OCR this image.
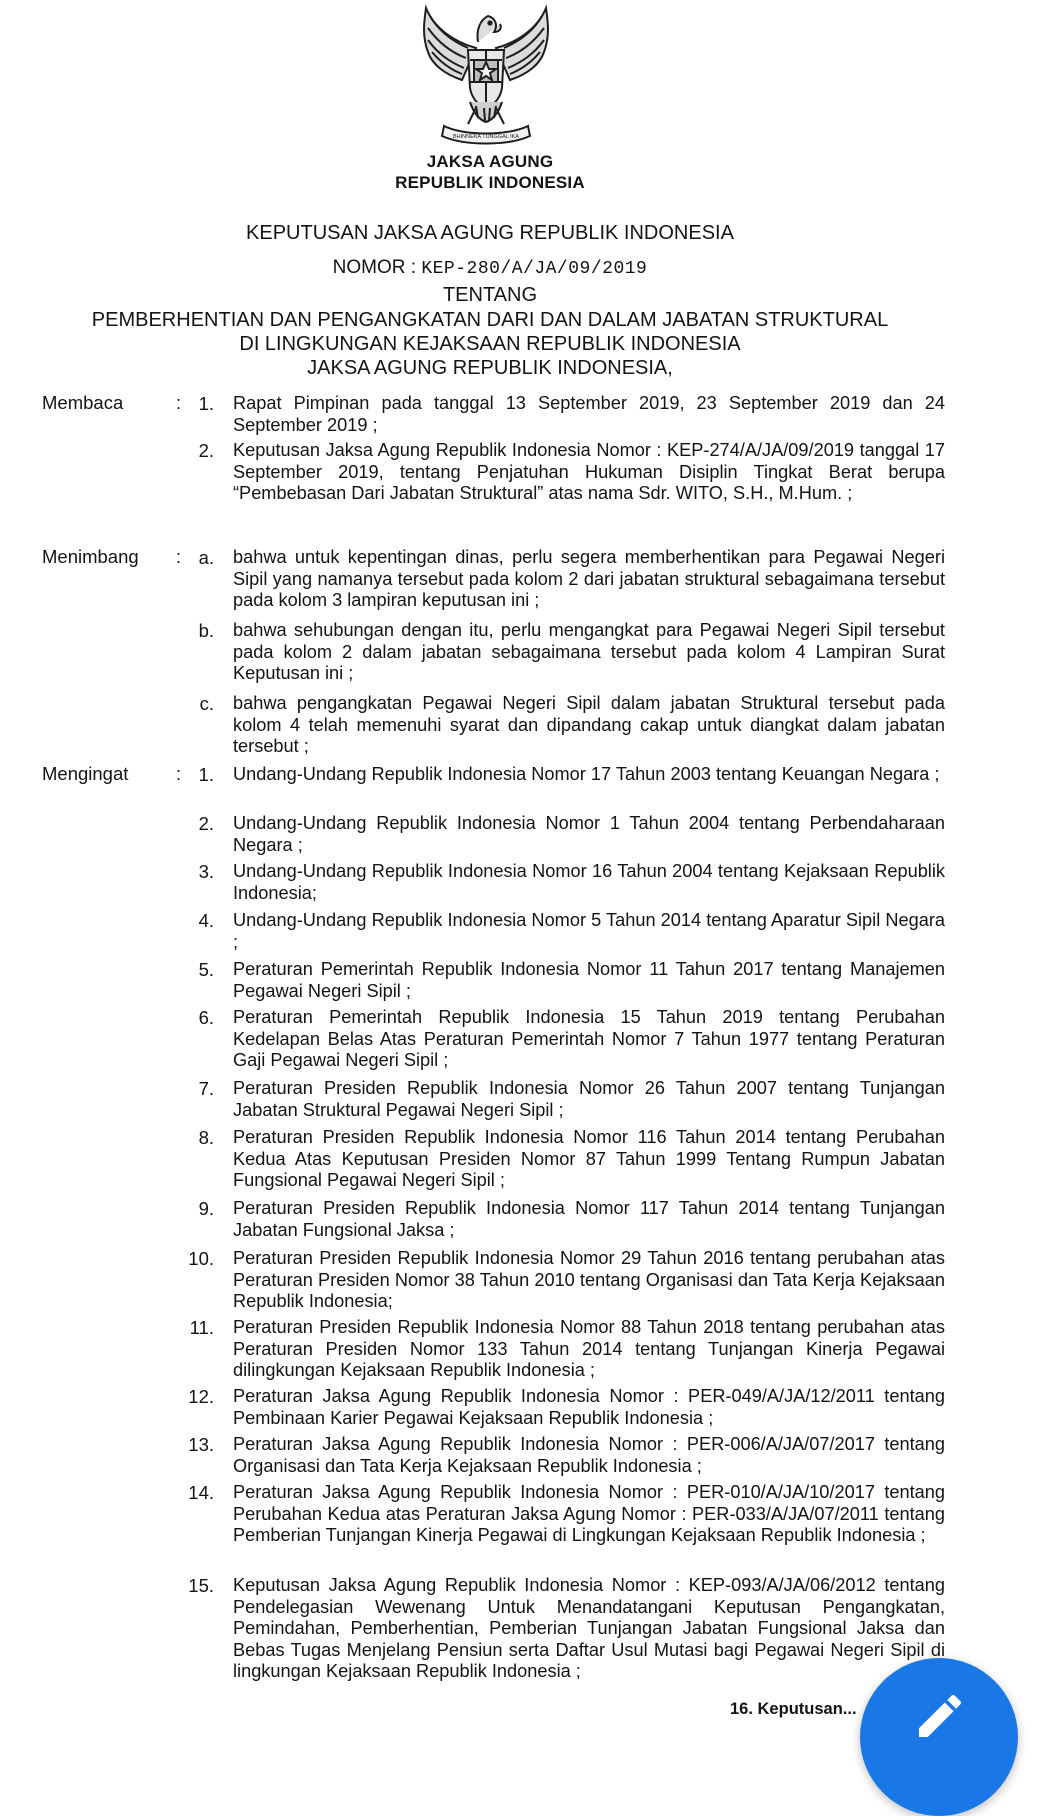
BHINNEKA TUNGGAL IKA
JAKSA AGUNG
REPUBLIK INDONESIA
KEPUTUSAN JAKSA AGUNG REPUBLIK INDONESIA
NOMOR : KEP-280/A/JA/09/2019
TENTANG
PEMBERHENTIAN DAN PENGANGKATAN DARI DAN DALAM JABATAN STRUKTURAL
DI LINGKUNGAN KEJAKSAAN REPUBLIK INDONESIA
JAKSA AGUNG REPUBLIK INDONESIA,
Membaca	: 1. Rapat Pimpinan pada tanggal 13 September 2019, 23 September 2019 dan 24 September 2019 ;
2. Keputusan Jaksa Agung Republik Indonesia Nomor : KEP-274/A/JA/09/2019 tanggal 17 September 2019, tentang Penjatuhan Hukuman Disiplin Tingkat Berat berupa “Pembebasan Dari Jabatan Struktural” atas nama Sdr. WITO, S.H., M.Hum. ;
Menimbang : a. bahwa untuk kepentingan dinas, perlu segera memberhentikan para Pegawai Negeri Sipil yang namanya tersebut pada kolom 2 dari jabatan struktural sebagaimana tersebut pada kolom 3 lampiran keputusan ini ;
b. bahwa sehubungan dengan itu, perlu mengangkat para Pegawai Negeri Sipil tersebut pada kolom 2 dalam jabatan sebagaimana tersebut pada kolom 4 Lampiran Surat Keputusan ini ;
c. bahwa pengangkatan Pegawai Negeri Sipil dalam jabatan Struktural tersebut pada kolom 4 telah memenuhi syarat dan dipandang cakap untuk diangkat dalam jabatan tersebut ;
Mengingat	: 1. Undang-Undang Republik Indonesia Nomor 17 Tahun 2003 tentang Keuangan Negara ;
2. Undang-Undang Republik Indonesia Nomor 1 Tahun 2004 tentang Perbendaharaan Negara ;
3. Undang-Undang Republik Indonesia Nomor 16 Tahun 2004 tentang Kejaksaan Republik Indonesia;
4. Undang-Undang Republik Indonesia Nomor 5 Tahun 2014 tentang Aparatur Sipil Negara ;
5. Peraturan Pemerintah Republik Indonesia Nomor 11 Tahun 2017 tentang Manajemen Pegawai Negeri Sipil ;
6. Peraturan Pemerintah Republik Indonesia 15 Tahun 2019 tentang Perubahan Kedelapan Belas Atas Peraturan Pemerintah Nomor 7 Tahun 1977 tentang Peraturan Gaji Pegawai Negeri Sipil ;
7. Peraturan Presiden Republik Indonesia Nomor 26 Tahun 2007 tentang Tunjangan Jabatan Struktural Pegawai Negeri Sipil ;
8. Peraturan Presiden Republik Indonesia Nomor 116 Tahun 2014 tentang Perubahan Kedua Atas Keputusan Presiden Nomor 87 Tahun 1999 Tentang Rumpun Jabatan Fungsional Pegawai Negeri Sipil ;
9. Peraturan Presiden Republik Indonesia Nomor 117 Tahun 2014 tentang Tunjangan Jabatan Fungsional Jaksa ;
10. Peraturan Presiden Republik Indonesia Nomor 29 Tahun 2016 tentang perubahan atas Peraturan Presiden Nomor 38 Tahun 2010 tentang Organisasi dan Tata Kerja Kejaksaan Republik Indonesia;
11. Peraturan Presiden Republik Indonesia Nomor 88 Tahun 2018 tentang perubahan atas Peraturan Presiden Nomor 133 Tahun 2014 tentang Tunjangan Kinerja Pegawai dilingkungan Kejaksaan Republik Indonesia ;
12. Peraturan Jaksa Agung Republik Indonesia Nomor : PER-049/A/JA/12/2011 tentang Pembinaan Karier Pegawai Kejaksaan Republik Indonesia ;
13. Peraturan Jaksa Agung Republik Indonesia Nomor : PER-006/A/JA/07/2017 tentang Organisasi dan Tata Kerja Kejaksaan Republik Indonesia ;
14. Peraturan Jaksa Agung Republik Indonesia Nomor : PER-010/A/JA/10/2017 tentang Perubahan Kedua atas Peraturan Jaksa Agung Nomor : PER-033/A/JA/07/2011 tentang Pemberian Tunjangan Kinerja Pegawai di Lingkungan Kejaksaan Republik Indonesia ;
15. Keputusan Jaksa Agung Republik Indonesia Nomor : KEP-093/A/JA/06/2012 tentang Pendelegasian Wewenang Untuk Menandatangani Keputusan Pengangkatan, Pemindahan, Pemberhentian, Pemberian Tunjangan Jabatan Fungsional Jaksa dan Bebas Tugas Menjelang Pensiun serta Daftar Usul Mutasi bagi Pegawai Negeri Sipil di lingkungan Kejaksaan Republik Indonesia ;
16. Keputusan...
